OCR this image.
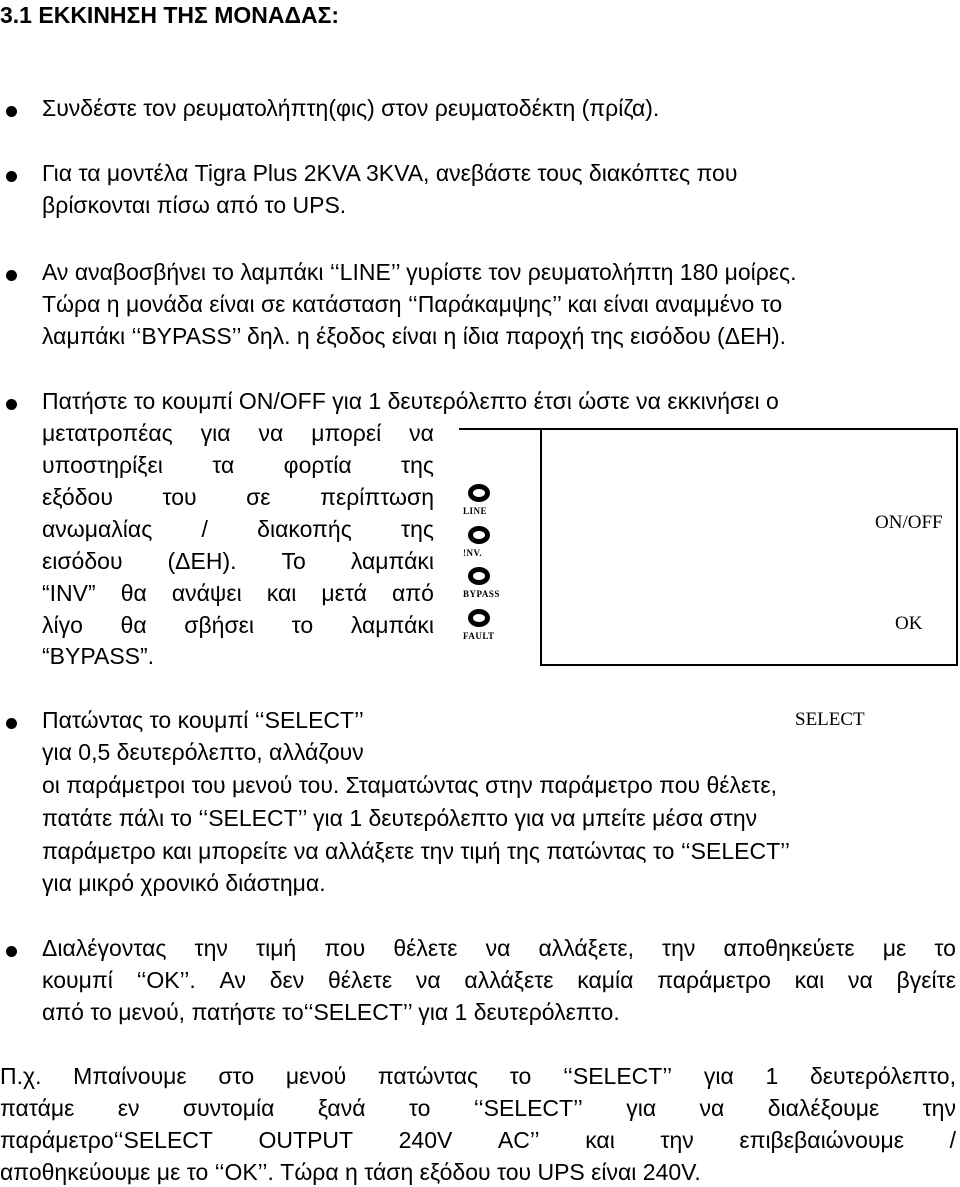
3.1 ΕΚΚΙΝΗΣΗ ΤΗΣ ΜΟΝΑΔΑΣ:
Συνδέστε τον ρευματολήπτη(φις) στον ρευματοδέκτη (πρίζα).
Για τα μοντέλα Tigra Plus 2KVA 3KVA, ανεβάστε τους διακόπτες που
βρίσκονται πίσω από το UPS.
Αν αναβοσβήνει το λαμπάκι ‘‘LINE’’ γυρίστε τον ρευματολήπτη 180 μοίρες.
Τώρα η μονάδα είναι σε κατάσταση ‘‘Παράκαμψης’’ και είναι αναμμένο το
λαμπάκι ‘‘BYPASS’’ δηλ. η έξοδος είναι η ίδια παροχή της εισόδου (ΔΕΗ).
Πατήστε το κουμπί ON/OFF για 1 δευτερόλεπτο έτσι ώστε να εκκινήσει ο
μετατροπέας για να μπορεί να
υποστηρίξει τα φορτία της
εξόδου του σε περίπτωση
ανωμαλίας / διακοπής της
εισόδου (ΔΕΗ). Το λαμπάκι
“INV” θα ανάψει και μετά από
λίγο θα σβήσει το λαμπάκι
“BYPASS”.
LINE
!NV.
BYPASS
FAULT
ON/OFF
OK
SELECT
Πατώντας το κουμπί ‘‘SELECT’’
για 0,5 δευτερόλεπτο, αλλάζουν
οι παράμετροι του μενού του. Σταματώντας στην παράμετρο που θέλετε,
πατάτε πάλι το ‘‘SELECT’’ για 1 δευτερόλεπτο για να μπείτε μέσα στην
παράμετρο και μπορείτε να αλλάξετε την τιμή της πατώντας το ‘‘SELECT’’
για μικρό χρονικό διάστημα.
Διαλέγοντας την τιμή που θέλετε να αλλάξετε, την αποθηκεύετε με το
κουμπί ‘‘OK’’. Αν δεν θέλετε να αλλάξετε καμία παράμετρο και να βγείτε
από το μενού, πατήστε το‘‘SELECT’’ για 1 δευτερόλεπτο.
Π.χ. Μπαίνουμε στο μενού πατώντας το ‘‘SELECT’’ για 1 δευτερόλεπτο,
πατάμε εν συντομία ξανά το ‘‘SELECT’’ για να διαλέξουμε την
παράμετρο‘‘SELECT OUTPUT 240V AC’’ και την επιβεβαιώνουμε /
αποθηκεύουμε με το ‘‘OK’’. Τώρα η τάση εξόδου του UPS είναι 240V.
